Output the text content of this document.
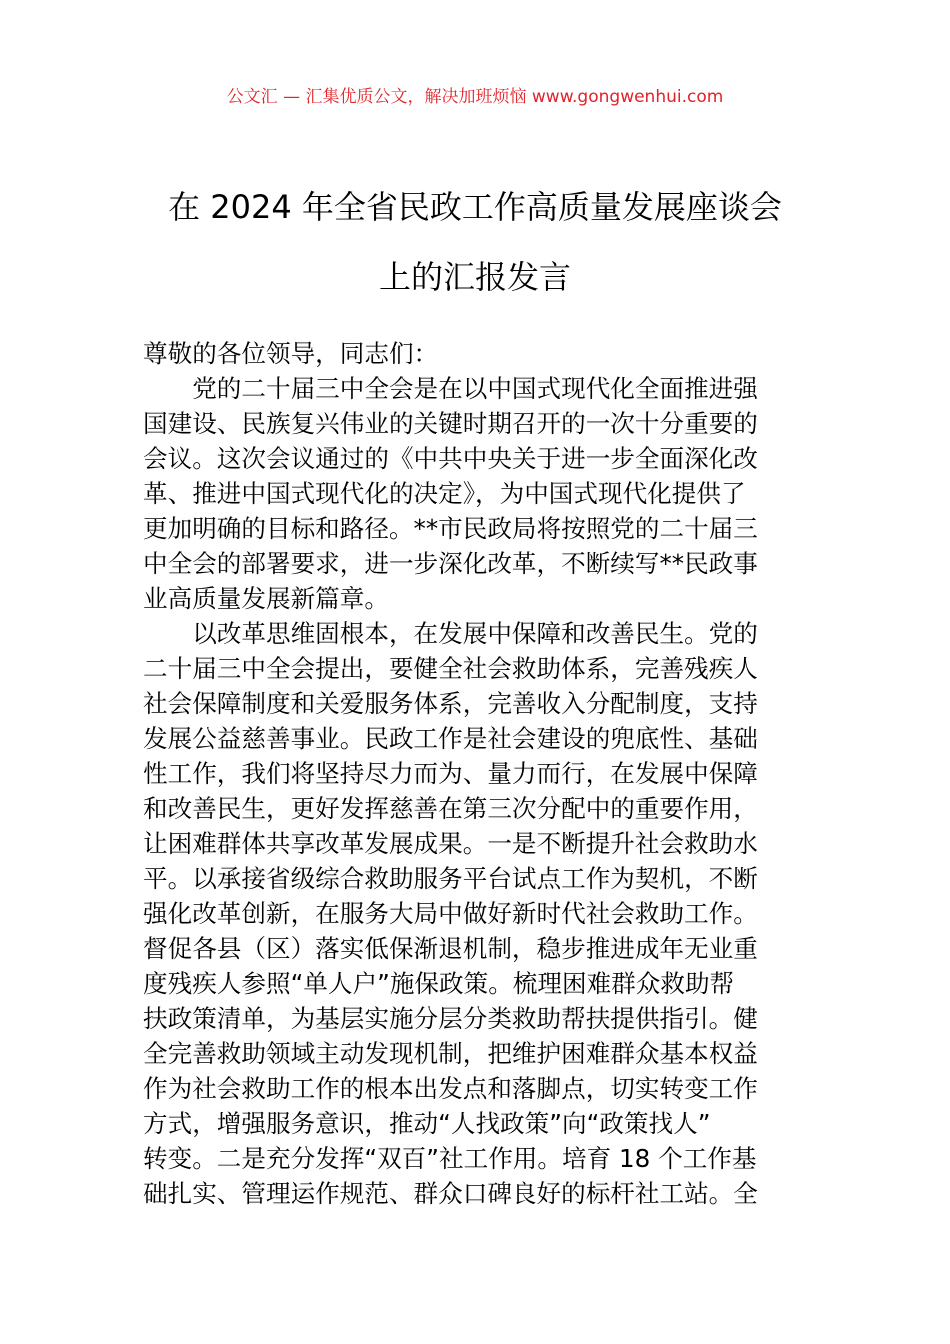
公文汇 — 汇集优质公文，解决加班烦恼 www.gongwenhui.com
在 2024 年全省民政工作高质量发展座谈会
上的汇报发言

尊敬的各位领导，同志们：

　　党的二十届三中全会是在以中国式现代化全面推进强
国建设、民族复兴伟业的关键时期召开的一次十分重要的
会议。这次会议通过的《中共中央关于进一步全面深化改
革、推进中国式现代化的决定》，为中国式现代化提供了
更加明确的目标和路径。**市民政局将按照党的二十届三
中全会的部署要求，进一步深化改革，不断续写**民政事
业高质量发展新篇章。

　　以改革思维固根本，在发展中保障和改善民生。党的
二十届三中全会提出，要健全社会救助体系，完善残疾人
社会保障制度和关爱服务体系，完善收入分配制度，支持
发展公益慈善事业。民政工作是社会建设的兜底性、基础
性工作，我们将坚持尽力而为、量力而行，在发展中保障
和改善民生，更好发挥慈善在第三次分配中的重要作用，
让困难群体共享改革发展成果。一是不断提升社会救助水
平。以承接省级综合救助服务平台试点工作为契机，不断
强化改革创新，在服务大局中做好新时代社会救助工作。
督促各县（区）落实低保渐退机制，稳步推进成年无业重
度残疾人参照“单人户”施保政策。梳理困难群众救助帮
扶政策清单，为基层实施分层分类救助帮扶提供指引。健
全完善救助领域主动发现机制，把维护困难群众基本权益
作为社会救助工作的根本出发点和落脚点，切实转变工作
方式，增强服务意识，推动“人找政策”向“政策找人”
转变。二是充分发挥“双百”社工作用。培育 18 个工作基
础扎实、管理运作规范、群众口碑良好的标杆社工站。全
